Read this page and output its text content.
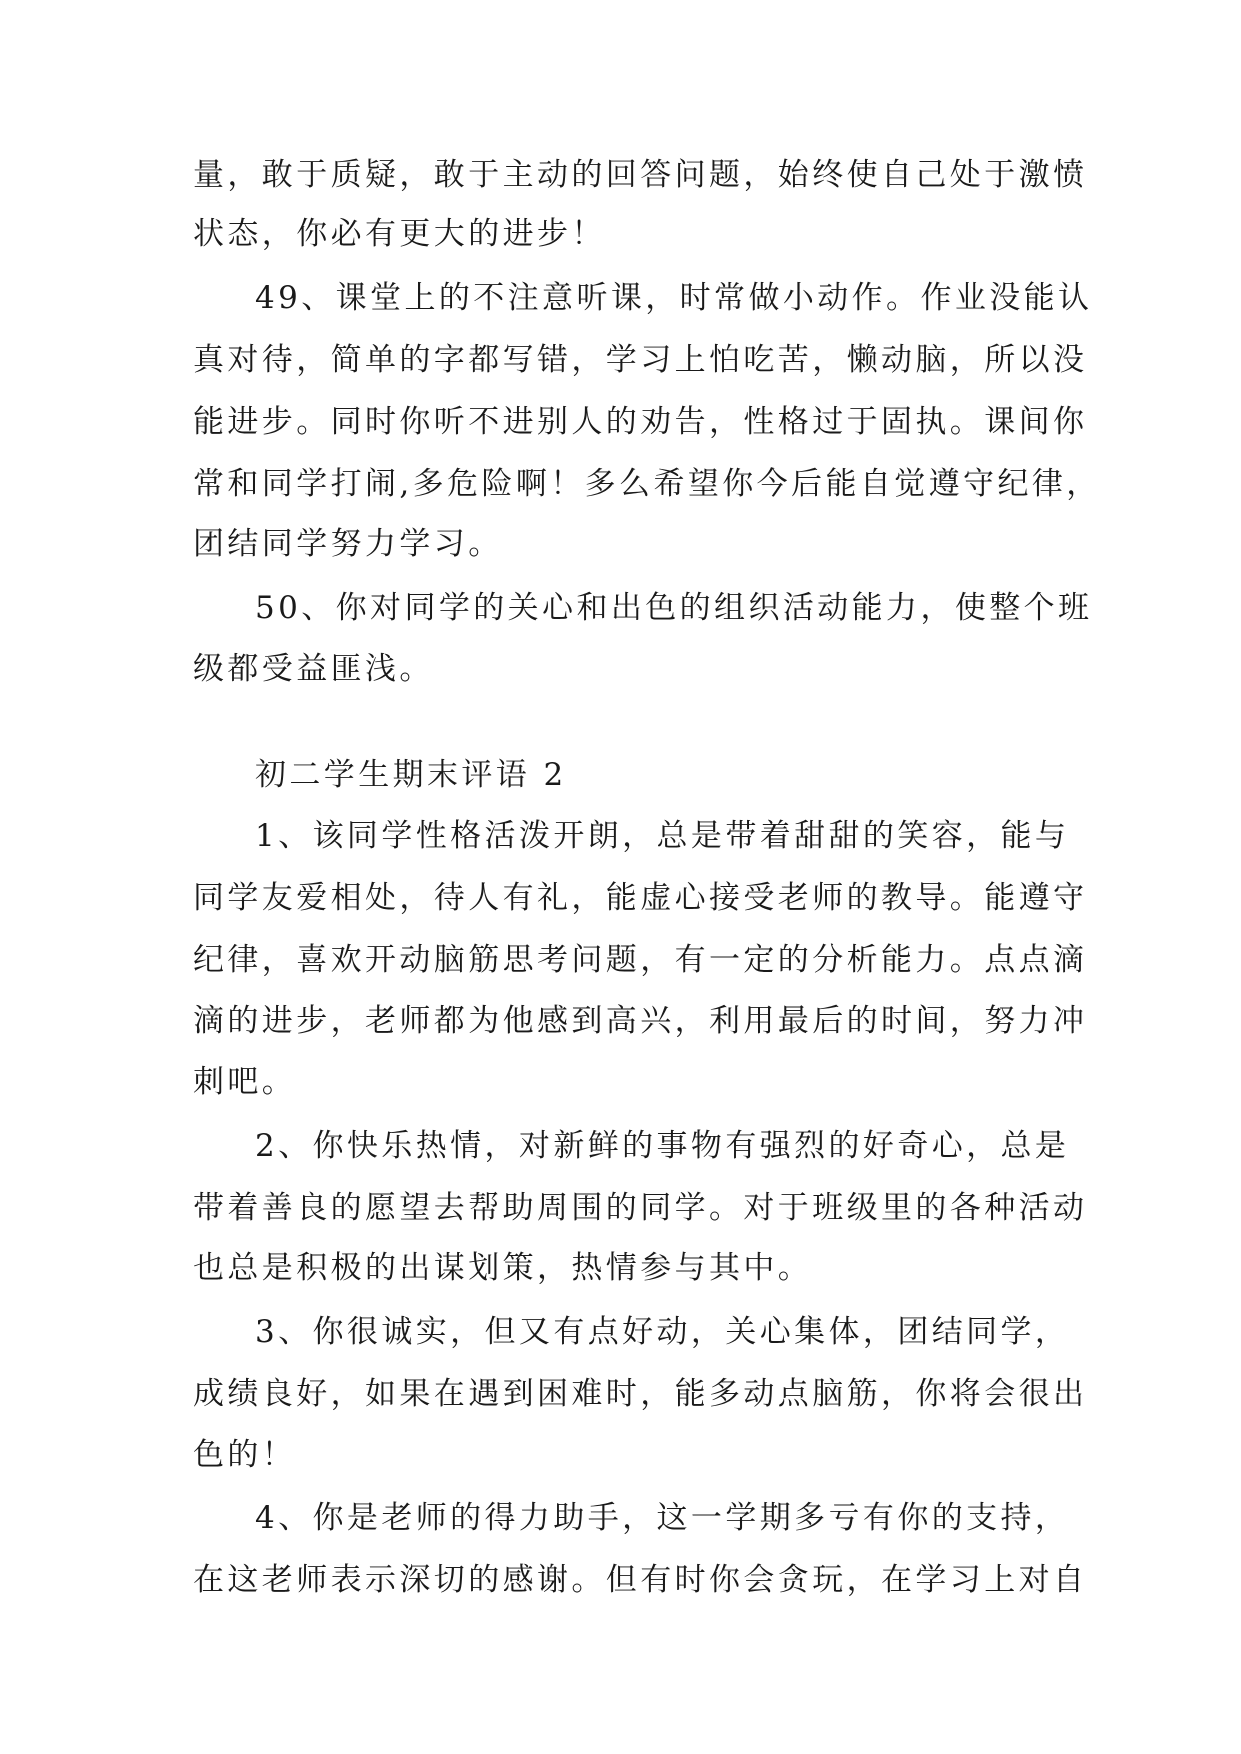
量，敢于质疑，敢于主动的回答问题，始终使自己处于激愤
状态，你必有更大的进步！
49、课堂上的不注意听课，时常做小动作。作业没能认
真对待，简单的字都写错，学习上怕吃苦，懒动脑，所以没
能进步。同时你听不进别人的劝告，性格过于固执。课间你
常和同学打闹,多危险啊！多么希望你今后能自觉遵守纪律，
团结同学努力学习。
50、你对同学的关心和出色的组织活动能力，使整个班
级都受益匪浅。
初二学生期末评语 2
1、该同学性格活泼开朗，总是带着甜甜的笑容，能与
同学友爱相处，待人有礼，能虚心接受老师的教导。能遵守
纪律，喜欢开动脑筋思考问题，有一定的分析能力。点点滴
滴的进步，老师都为他感到高兴，利用最后的时间，努力冲
刺吧。
2、你快乐热情，对新鲜的事物有强烈的好奇心，总是
带着善良的愿望去帮助周围的同学。对于班级里的各种活动
也总是积极的出谋划策，热情参与其中。
3、你很诚实，但又有点好动，关心集体，团结同学，
成绩良好，如果在遇到困难时，能多动点脑筋，你将会很出
色的！
4、你是老师的得力助手，这一学期多亏有你的支持，
在这老师表示深切的感谢。但有时你会贪玩，在学习上对自
